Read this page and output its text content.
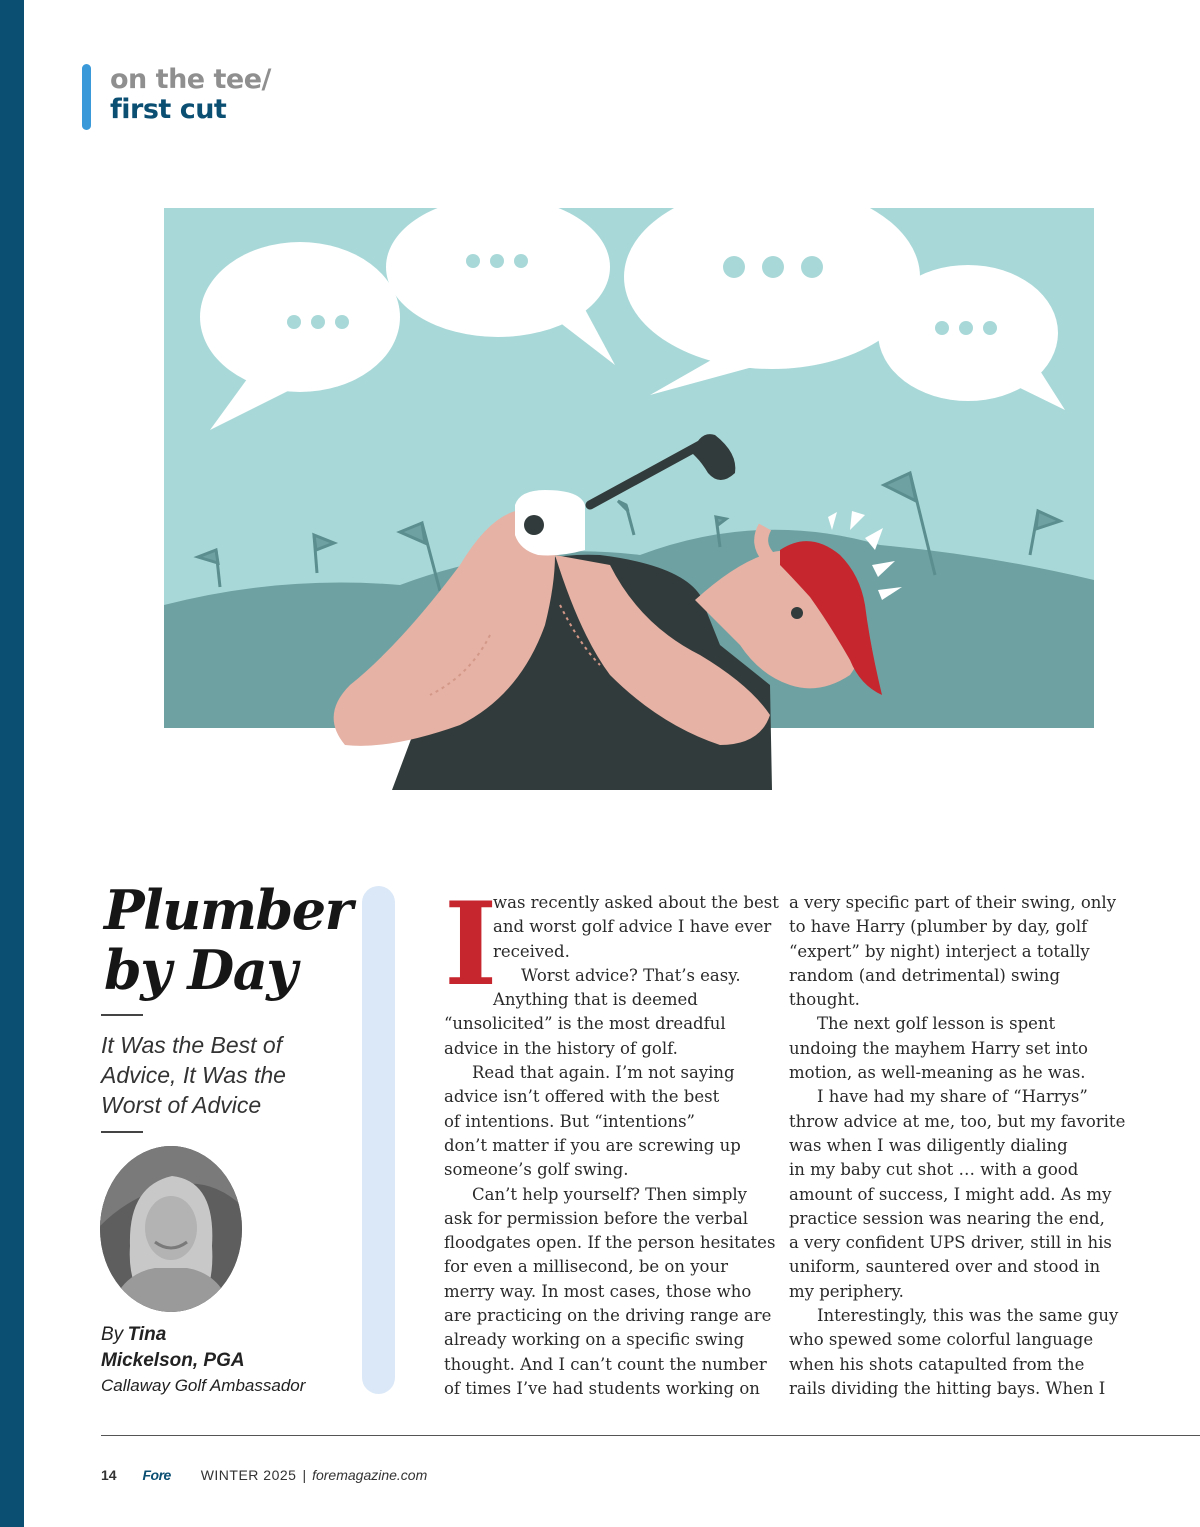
on the tee/
first cut
Plumber
by Day
It Was the Best of
Advice, It Was the
Worst of Advice
By Tina
Mickelson, PGA
Callaway Golf Ambassador
I
was recently asked about the best
and worst golf advice I have ever
received.
Worst advice? That’s easy.
Anything that is deemed
“unsolicited” is the most dreadful
advice in the history of golf.
Read that again. I’m not saying
advice isn’t offered with the best
of intentions. But “intentions”
don’t matter if you are screwing up
someone’s golf swing.
Can’t help yourself? Then simply
ask for permission before the verbal
floodgates open. If the person hesitates
for even a millisecond, be on your
merry way. In most cases, those who
are practicing on the driving range are
already working on a specific swing
thought. And I can’t count the number
of times I’ve had students working on
a very specific part of their swing, only
to have Harry (plumber by day, golf
“expert” by night) interject a totally
random (and detrimental) swing
thought.
The next golf lesson is spent
undoing the mayhem Harry set into
motion, as well-meaning as he was.
I have had my share of “Harrys”
throw advice at me, too, but my favorite
was when I was diligently dialing
in my baby cut shot … with a good
amount of success, I might add. As my
practice session was nearing the end,
a very confident UPS driver, still in his
uniform, sauntered over and stood in
my periphery.
Interestingly, this was the same guy
who spewed some colorful language
when his shots catapulted from the
rails dividing the hitting bays. When I
14 Fore WINTER 2025 | foremagazine.com
